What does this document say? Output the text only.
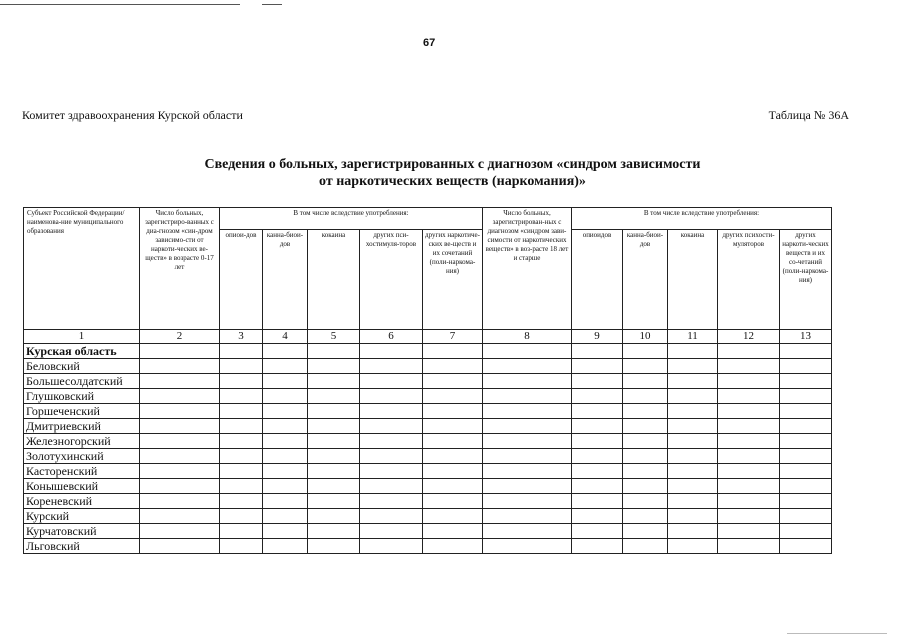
67
Комитет здравоохранения Курской области	Таблица № 36А
Сведения о больных, зарегистрированных с диагнозом «синдром зависимости
от наркотических веществ (наркомания)»
Субъект Российской Федерации/ наименова-ние муниципального образования	Число больных, зарегистриро-ванных с диа-гнозом «син-дром зависимо-сти от наркоти-ческих ве-ществ» в возрасте 0-17 лет	В том числе вследствие употребления:					Число больных, зарегистрирован-ных с диагнозом «синдром зави-симости от наркотических веществ» в воз-расте 18 лет и старше	В том числе вследствие употребления:				
		опиои-дов	канна-биои-дов	кокаина	других пси-хостимуля-торов	других наркотиче-ских ве-ществ и их сочетаний (поли-наркома-ния)		опиоидов	канна-биои-дов	кокаина	других психости-муляторов	других наркоти-ческих веществ и их со-четаний (поли-наркома-ния)
1	2	3	4	5	6	7	8	9	10	11	12	13
Курская область												
Беловский												
Большесолдатский												
Глушковский												
Горшеченский												
Дмитриевский												
Железногорский												
Золотухинский												
Касторенский												
Конышевский												
Кореневский												
Курский												
Курчатовский												
Льговский												
